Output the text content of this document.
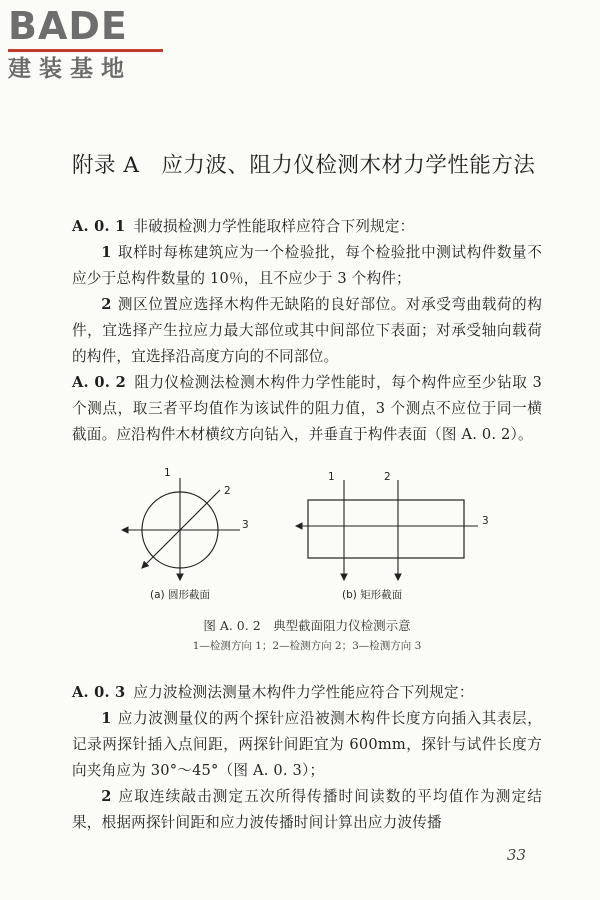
BADE
建装基地
附录 A　应力波、阻力仪检测木材力学性能方法

A. 0. 1 非破损检测力学性能取样应符合下列规定：

1 取样时每栋建筑应为一个检验批，每个检验批中测试构件数量不应少于总构件数量的 10％，且不应少于 3 个构件；

2 测区位置应选择木构件无缺陷的良好部位。对承受弯曲载荷的构件，宜选择产生拉应力最大部位或其中间部位下表面；对承受轴向载荷的构件，宜选择沿高度方向的不同部位。

A. 0. 2 阻力仪检测法检测木构件力学性能时，每个构件应至少钻取 3 个测点，取三者平均值作为该试件的阻力值，3 个测点不应位于同一横截面。应沿构件木材横纹方向钻入，并垂直于构件表面（图 A. 0. 2）。

1
2
3
(a) 圆形截面
1	2
3
(b) 矩形截面
图 A. 0. 2　典型截面阻力仪检测示意
1—检测方向 1；2—检测方向 2；3—检测方向 3

A. 0. 3 应力波检测法测量木构件力学性能应符合下列规定：

1 应力波测量仪的两个探针应沿被测木构件长度方向插入其表层，记录两探针插入点间距，两探针间距宜为 600mm，探针与试件长度方向夹角应为 30°～45°（图 A. 0. 3）；

2 应取连续敲击测定五次所得传播时间读数的平均值作为测定结果，根据两探针间距和应力波传播时间计算出应力波传播

33
